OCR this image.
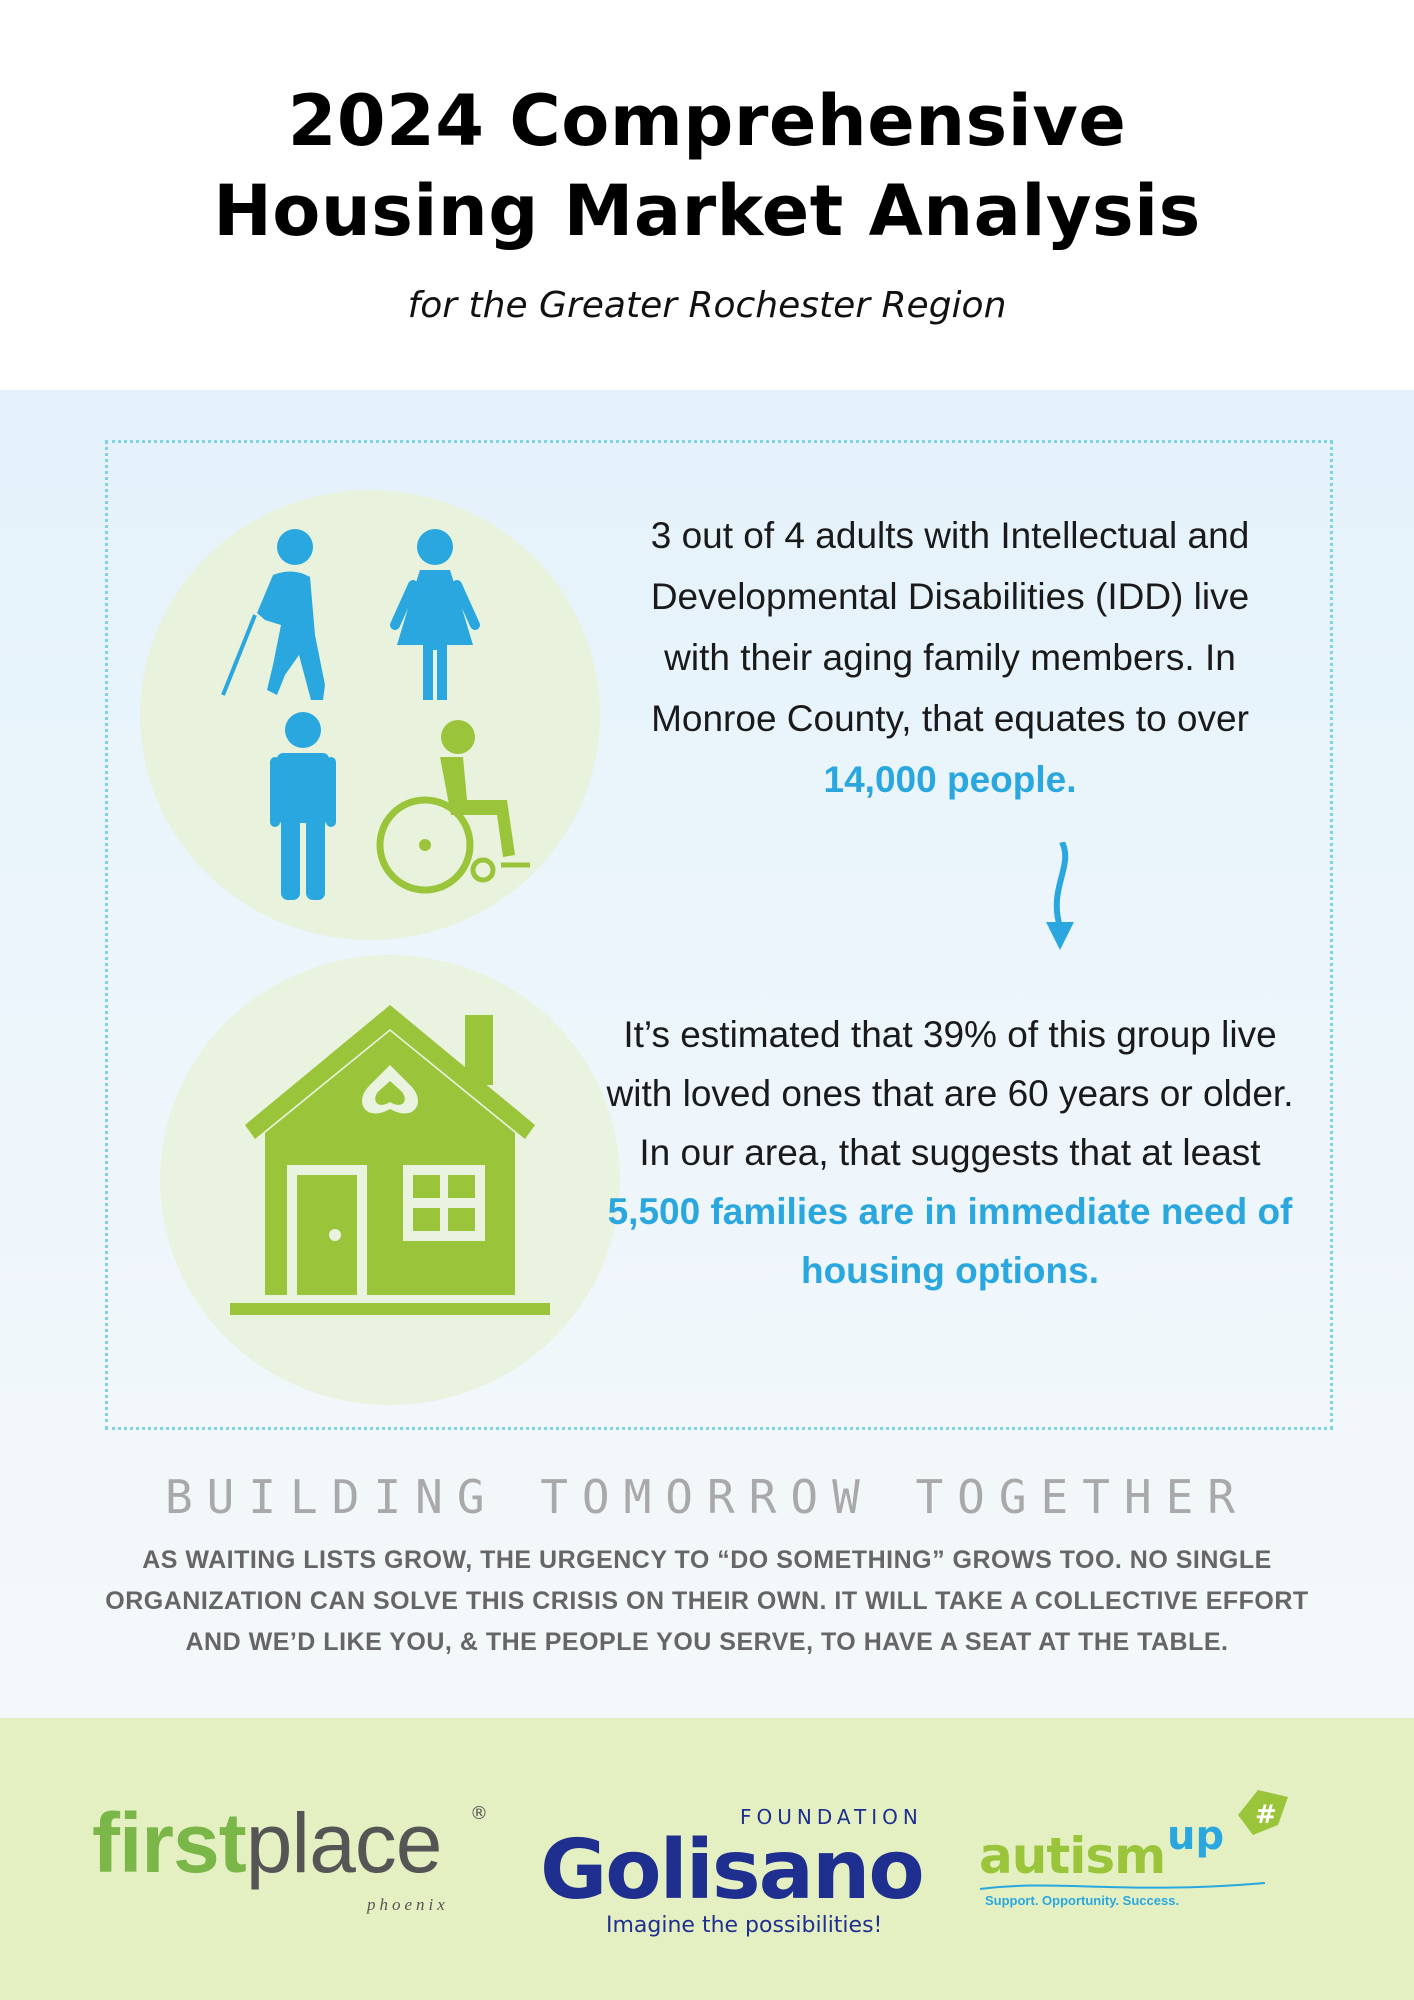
2024 Comprehensive
Housing Market Analysis
for the Greater Rochester Region
3 out of 4 adults with Intellectual and Developmental Disabilities (IDD) live with their aging family members. In Monroe County, that equates to over 14,000 people.
It’s estimated that 39% of this group live with loved ones that are 60 years or older. In our area, that suggests that at least 5,500 families are in immediate need of housing options.
BUILDING TOMORROW TOGETHER
AS WAITING LISTS GROW, THE URGENCY TO “DO SOMETHING” GROWS TOO. NO SINGLE ORGANIZATION CAN SOLVE THIS CRISIS ON THEIR OWN. IT WILL TAKE A COLLECTIVE EFFORT AND WE’D LIKE YOU, & THE PEOPLE YOU SERVE, TO HAVE A SEAT AT THE TABLE.
firstplace ®
phoenix
FOUNDATION
Golisano
Imagine the possibilities!
#
autism up
Support. Opportunity. Success.
